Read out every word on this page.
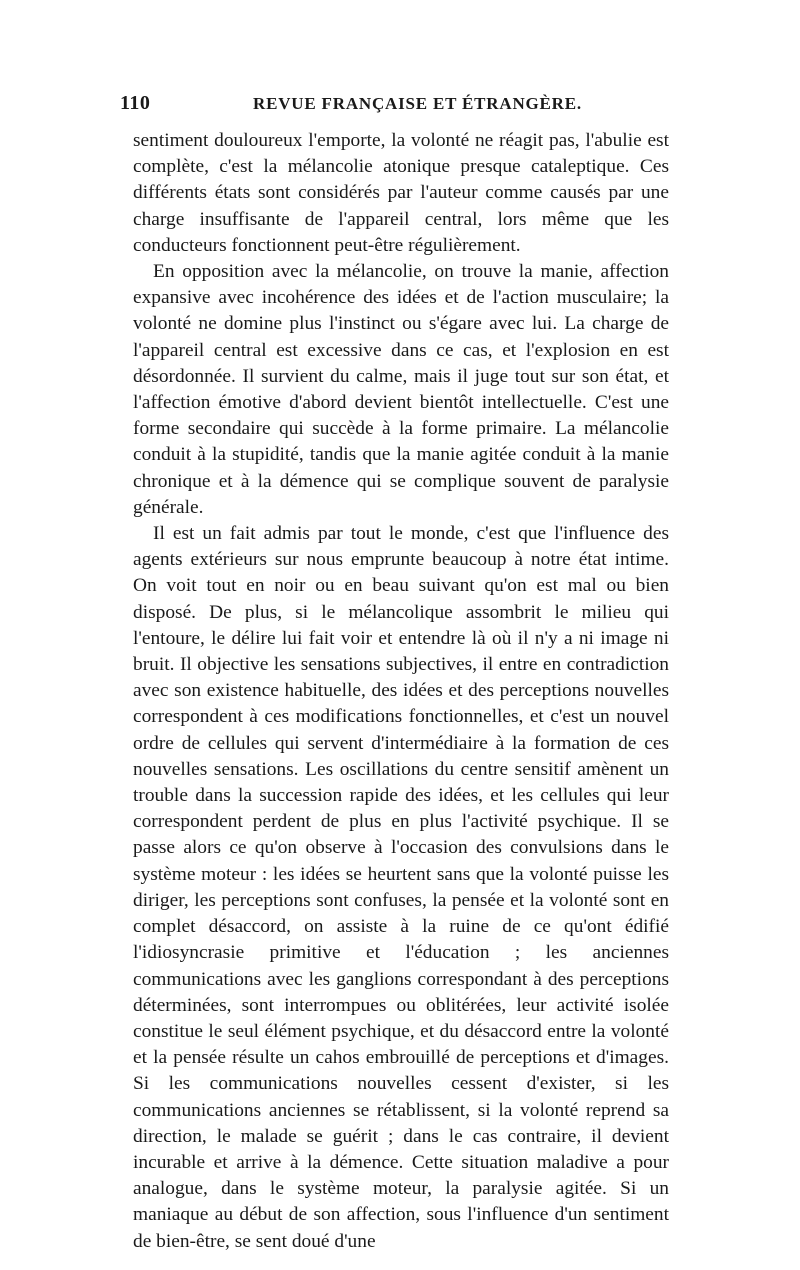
110	REVUE FRANÇAISE ET ÉTRANGÈRE.

sentiment douloureux l'emporte, la volonté ne réagit pas, l'abulie est complète, c'est la mélancolie atonique presque cataleptique. Ces différents états sont considérés par l'auteur comme causés par une charge insuffisante de l'appareil central, lors même que les conducteurs fonctionnent peut-être régulièrement.

En opposition avec la mélancolie, on trouve la manie, affection expansive avec incohérence des idées et de l'action musculaire; la volonté ne domine plus l'instinct ou s'égare avec lui. La charge de l'appareil central est excessive dans ce cas, et l'explosion en est désordonnée. Il survient du calme, mais il juge tout sur son état, et l'affection émotive d'abord devient bientôt intellectuelle. C'est une forme secondaire qui succède à la forme primaire. La mélancolie conduit à la stupidité, tandis que la manie agitée conduit à la manie chronique et à la démence qui se complique souvent de paralysie générale.

Il est un fait admis par tout le monde, c'est que l'influence des agents extérieurs sur nous emprunte beaucoup à notre état intime. On voit tout en noir ou en beau suivant qu'on est mal ou bien disposé. De plus, si le mélancolique assombrit le milieu qui l'entoure, le délire lui fait voir et entendre là où il n'y a ni image ni bruit. Il objective les sensations subjectives, il entre en contradiction avec son existence habituelle, des idées et des perceptions nouvelles correspondent à ces modifications fonctionnelles, et c'est un nouvel ordre de cellules qui servent d'intermédiaire à la formation de ces nouvelles sensations. Les oscillations du centre sensitif amènent un trouble dans la succession rapide des idées, et les cellules qui leur correspondent perdent de plus en plus l'activité psychique. Il se passe alors ce qu'on observe à l'occasion des convulsions dans le système moteur : les idées se heurtent sans que la volonté puisse les diriger, les perceptions sont confuses, la pensée et la volonté sont en complet désaccord, on assiste à la ruine de ce qu'ont édifié l'idiosyncrasie primitive et l'éducation ; les anciennes communications avec les ganglions correspondant à des perceptions déterminées, sont interrompues ou oblitérées, leur activité isolée constitue le seul élément psychique, et du désaccord entre la volonté et la pensée résulte un cahos embrouillé de perceptions et d'images. Si les communications nouvelles cessent d'exister, si les communications anciennes se rétablissent, si la volonté reprend sa direction, le malade se guérit ; dans le cas contraire, il devient incurable et arrive à la démence. Cette situation maladive a pour analogue, dans le système moteur, la paralysie agitée. Si un maniaque au début de son affection, sous l'influence d'un sentiment de bien-être, se sent doué d'une
